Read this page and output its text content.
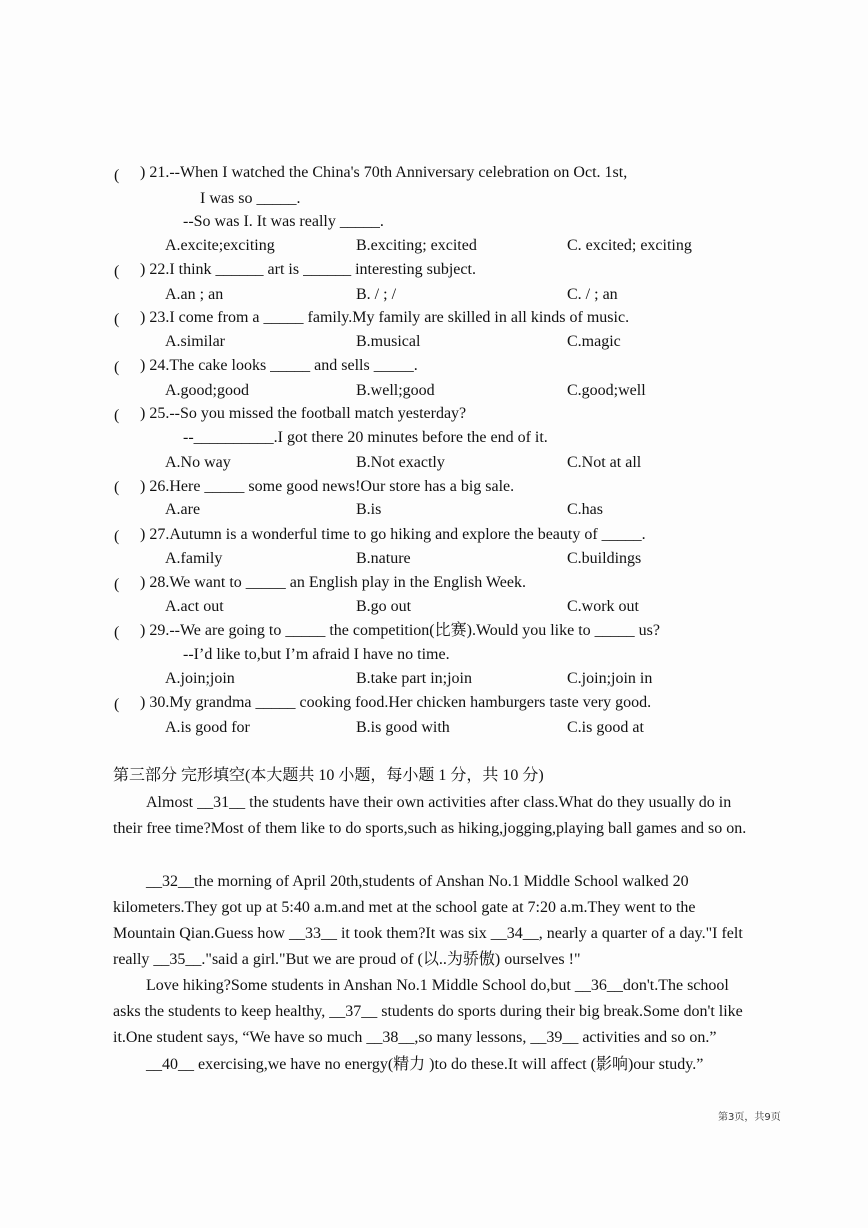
( ) 21.--When I watched the China's 70th Anniversary celebration on Oct. 1st,
I was so _____.
--So was I. It was really _____.
A.excite;exciting	B.exciting; excited	C. excited; exciting
( ) 22.I think ______ art is ______ interesting subject.
A.an ; an	B. / ; /	C. / ; an
( ) 23.I come from a _____ family.My family are skilled in all kinds of music.
A.similar	B.musical	C.magic
( ) 24.The cake looks _____ and sells _____.
A.good;good	B.well;good	C.good;well
( ) 25.--So you missed the football match yesterday?
--__________.I got there 20 minutes before the end of it.
A.No way	B.Not exactly	C.Not at all
( ) 26.Here _____ some good news!Our store has a big sale.
A.are	B.is	C.has
( ) 27.Autumn is a wonderful time to go hiking and explore the beauty of _____.
A.family	B.nature	C.buildings
( ) 28.We want to _____ an English play in the English Week.
A.act out	B.go out	C.work out
( ) 29.--We are going to _____ the competition(比赛).Would you like to _____ us?
--I’d like to,but I’m afraid I have no time.
A.join;join	B.take part in;join	C.join;join in
( ) 30.My grandma _____ cooking food.Her chicken hamburgers taste very good.
A.is good for	B.is good with	C.is good at
第三部分 完形填空(本大题共 10 小题，每小题 1 分，共 10 分)
Almost __31__ the students have their own activities after class.What do they usually do in their free time?Most of them like to do sports,such as hiking,jogging,playing ball games and so on.
__32__the morning of April 20th,students of Anshan No.1 Middle School walked 20 kilometers.They got up at 5:40 a.m.and met at the school gate at 7:20 a.m.They went to the Mountain Qian.Guess how __33__ it took them?It was six __34__, nearly a quarter of a day."I felt really __35__."said a girl."But we are proud of (以..为骄傲) ourselves !"
Love hiking?Some students in Anshan No.1 Middle School do,but __36__don't.The school asks the students to keep healthy, __37__ students do sports during their big break.Some don't like it.One student says, “We have so much __38__,so many lessons, __39__ activities and so on.”
__40__ exercising,we have no energy(精力 )to do these.It will affect (影响)our study.”
第3页，共9页
